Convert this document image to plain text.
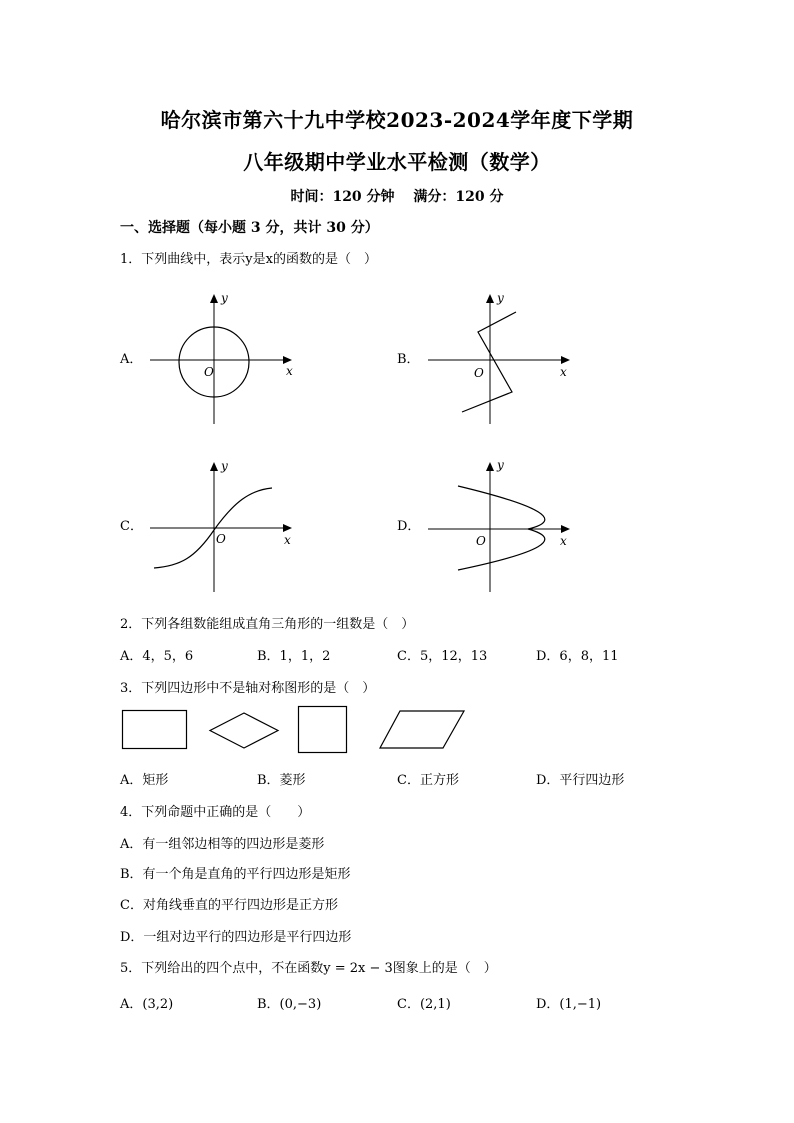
哈尔滨市第六十九中学校2023-2024学年度下学期
八年级期中学业水平检测（数学）
时间：120 分钟　 满分：120 分
一、选择题（每小题 3 分，共计 30 分）
1．下列曲线中，表示y是x的函数的是（　）
A．
y
x
O
B．
y
x
O
C．
y
x
O
D．
y
x
O
2．下列各组数能组成直角三角形的一组数是（　）
A．4，5，6	B．1，1，2	C．5，12，13	D．6，8，11
3．下列四边形中不是轴对称图形的是（　）
A．矩形	B．菱形	C．正方形	D．平行四边形
4．下列命题中正确的是（　　）
A．有一组邻边相等的四边形是菱形
B．有一个角是直角的平行四边形是矩形
C．对角线垂直的平行四边形是正方形
D．一组对边平行的四边形是平行四边形
5．下列给出的四个点中，不在函数y = 2x − 3图象上的是（　）
A．(3,2)	B．(0,−3)	C．(2,1)	D．(1,−1)
